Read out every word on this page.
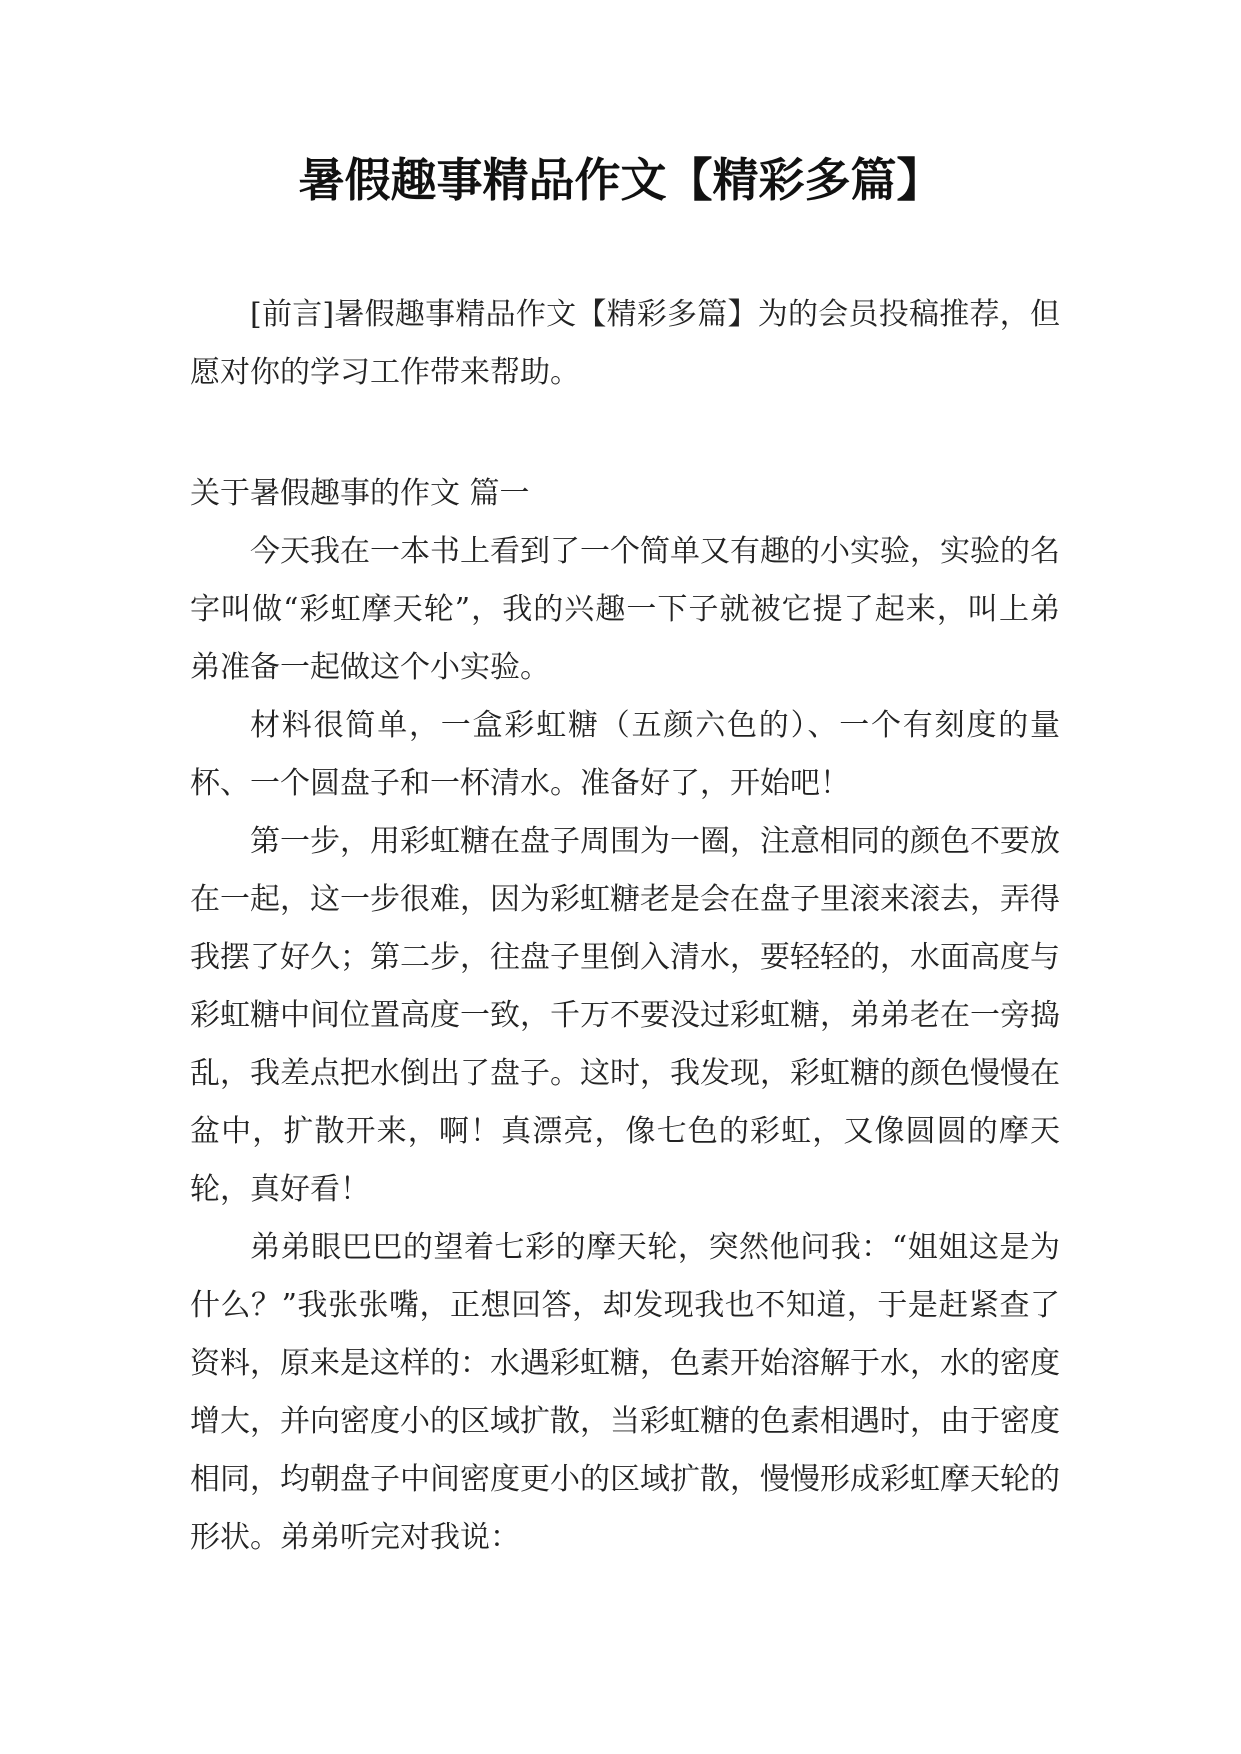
暑假趣事精品作文【精彩多篇】

[前言]暑假趣事精品作文【精彩多篇】为的会员投稿推荐，但愿对你的学习工作带来帮助。

关于暑假趣事的作文 篇一

今天我在一本书上看到了一个简单又有趣的小实验，实验的名字叫做“彩虹摩天轮”，我的兴趣一下子就被它提了起来，叫上弟弟准备一起做这个小实验。

材料很简单，一盒彩虹糖（五颜六色的）、一个有刻度的量杯、一个圆盘子和一杯清水。准备好了，开始吧！

第一步，用彩虹糖在盘子周围为一圈，注意相同的颜色不要放在一起，这一步很难，因为彩虹糖老是会在盘子里滚来滚去，弄得我摆了好久；第二步，往盘子里倒入清水，要轻轻的，水面高度与彩虹糖中间位置高度一致，千万不要没过彩虹糖，弟弟老在一旁捣乱，我差点把水倒出了盘子。这时，我发现，彩虹糖的颜色慢慢在盆中，扩散开来，啊！真漂亮，像七色的彩虹，又像圆圆的摩天轮，真好看！

弟弟眼巴巴的望着七彩的摩天轮，突然他问我：“姐姐这是为什么？”我张张嘴，正想回答，却发现我也不知道，于是赶紧查了资料，原来是这样的：水遇彩虹糖，色素开始溶解于水，水的密度增大，并向密度小的区域扩散，当彩虹糖的色素相遇时，由于密度相同，均朝盘子中间密度更小的区域扩散，慢慢形成彩虹摩天轮的形状。弟弟听完对我说：
